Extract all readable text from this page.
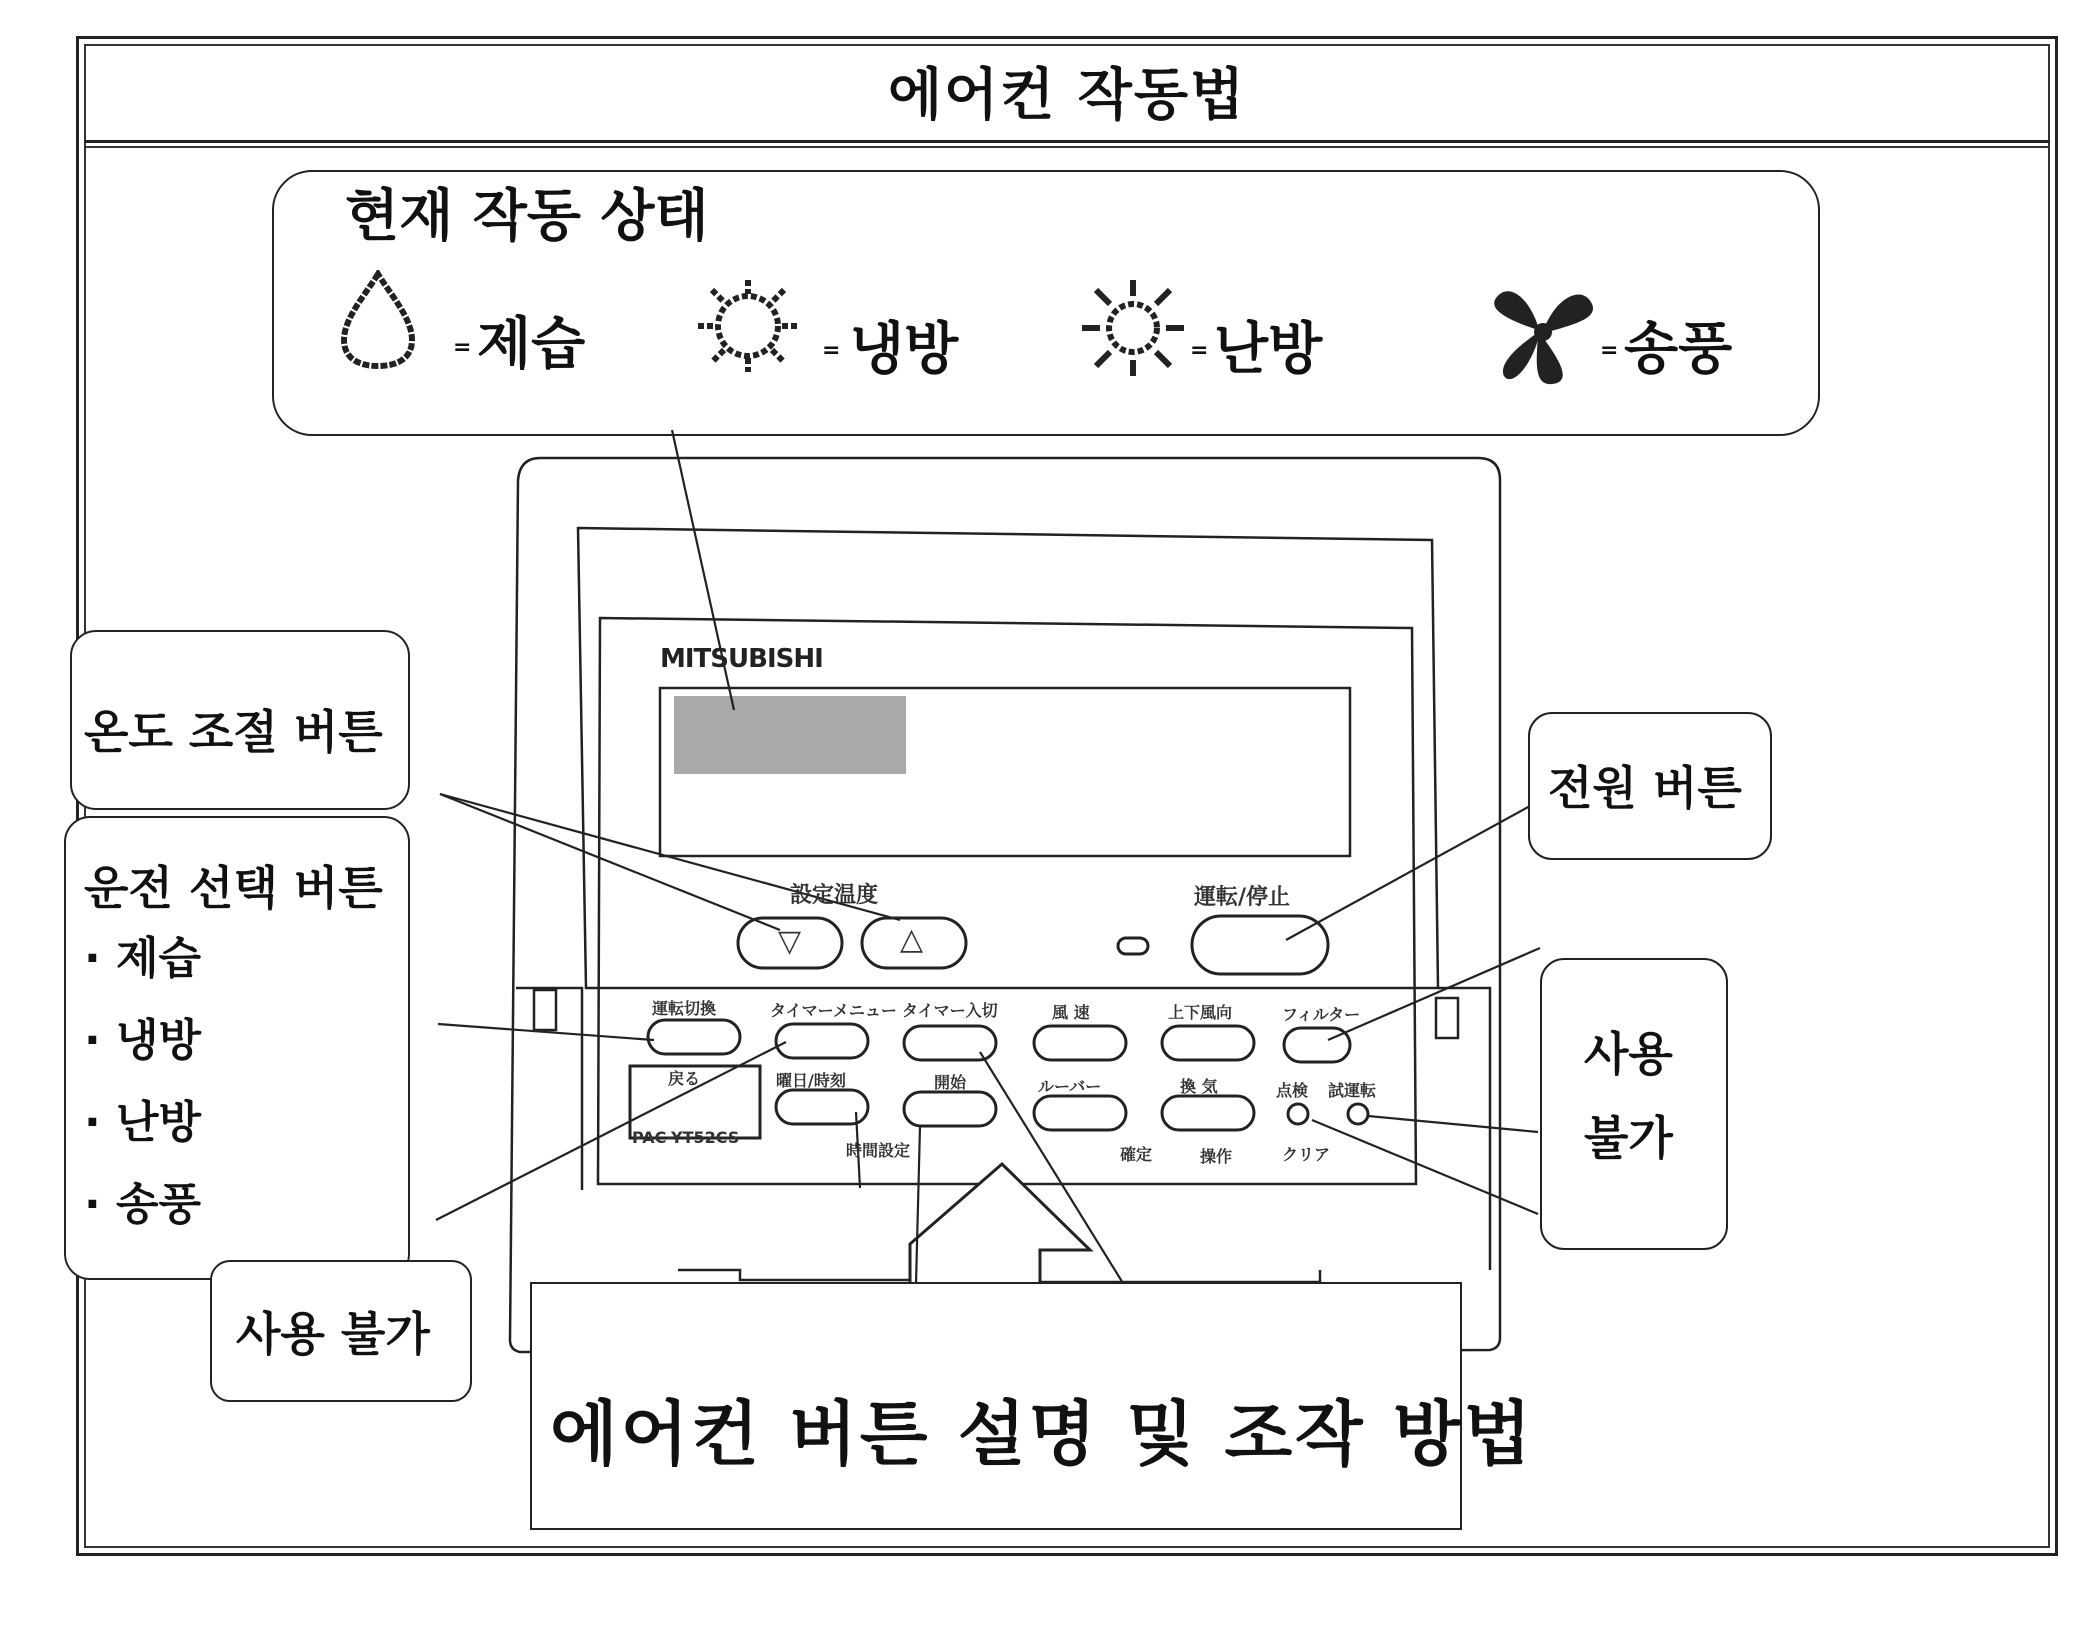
에어컨 작동법
현재 작동 상태
= 제습	= 냉방	= 난방	= 송풍
MITSUBISHI
設定温度	運転/停止
▽	△
運転切換	タイマーメニュー タイマー入切	風 速	上下風向	フィルター
戻る	曜日/時刻	開始	ルーバー	換 気	点検 試運転
確定
時間設定	操作	クリア
PAC-YT52CS
온도 조절 버튼
운전 선택 버튼
· 제습
· 냉방
· 난방
· 송풍
사용 불가
전원 버튼
사용
불가
에어컨 버튼 설명 및 조작 방법
